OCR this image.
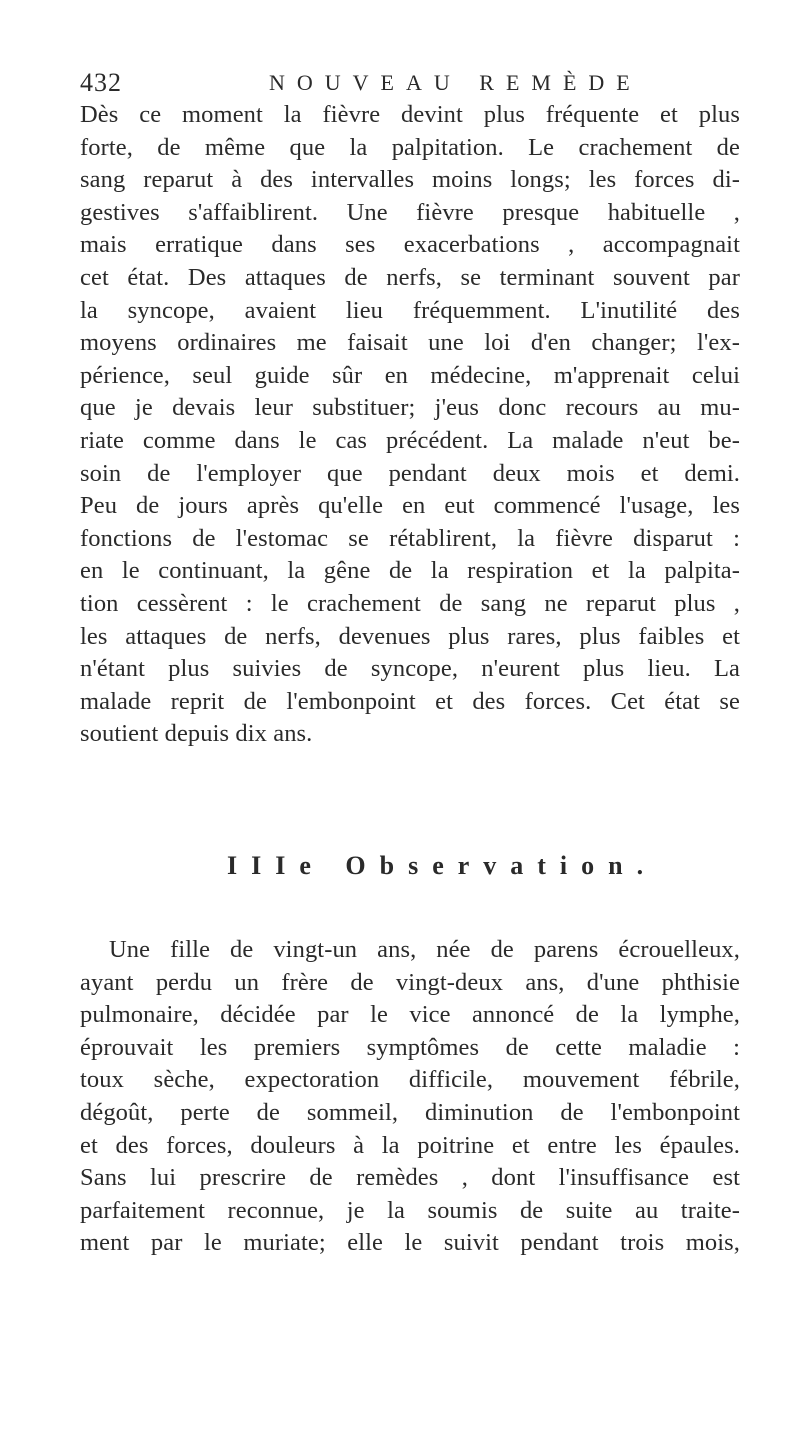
432	NOUVEAU REMÈDE
Dès ce moment la fièvre devint plus fréquente et plus
forte, de même que la palpitation. Le crachement de
sang reparut à des intervalles moins longs; les forces di-
gestives s'affaiblirent. Une fièvre presque habituelle ,
mais erratique dans ses exacerbations , accompagnait
cet état. Des attaques de nerfs, se terminant souvent par
la syncope, avaient lieu fréquemment. L'inutilité des
moyens ordinaires me faisait une loi d'en changer; l'ex-
périence, seul guide sûr en médecine, m'apprenait celui
que je devais leur substituer; j'eus donc recours au mu-
riate comme dans le cas précédent. La malade n'eut be-
soin de l'employer que pendant deux mois et demi.
Peu de jours après qu'elle en eut commencé l'usage, les
fonctions de l'estomac se rétablirent, la fièvre disparut :
en le continuant, la gêne de la respiration et la palpita-
tion cessèrent : le crachement de sang ne reparut plus ,
les attaques de nerfs, devenues plus rares, plus faibles et
n'étant plus suivies de syncope, n'eurent plus lieu. La
malade reprit de l'embonpoint et des forces. Cet état se
soutient depuis dix ans.
IIIe Observation.
Une fille de vingt-un ans, née de parens écrouelleux,
ayant perdu un frère de vingt-deux ans, d'une phthisie
pulmonaire, décidée par le vice annoncé de la lymphe,
éprouvait les premiers symptômes de cette maladie :
toux sèche, expectoration difficile, mouvement fébrile,
dégoût, perte de sommeil, diminution de l'embonpoint
et des forces, douleurs à la poitrine et entre les épaules.
Sans lui prescrire de remèdes , dont l'insuffisance est
parfaitement reconnue, je la soumis de suite au traite-
ment par le muriate; elle le suivit pendant trois mois,
